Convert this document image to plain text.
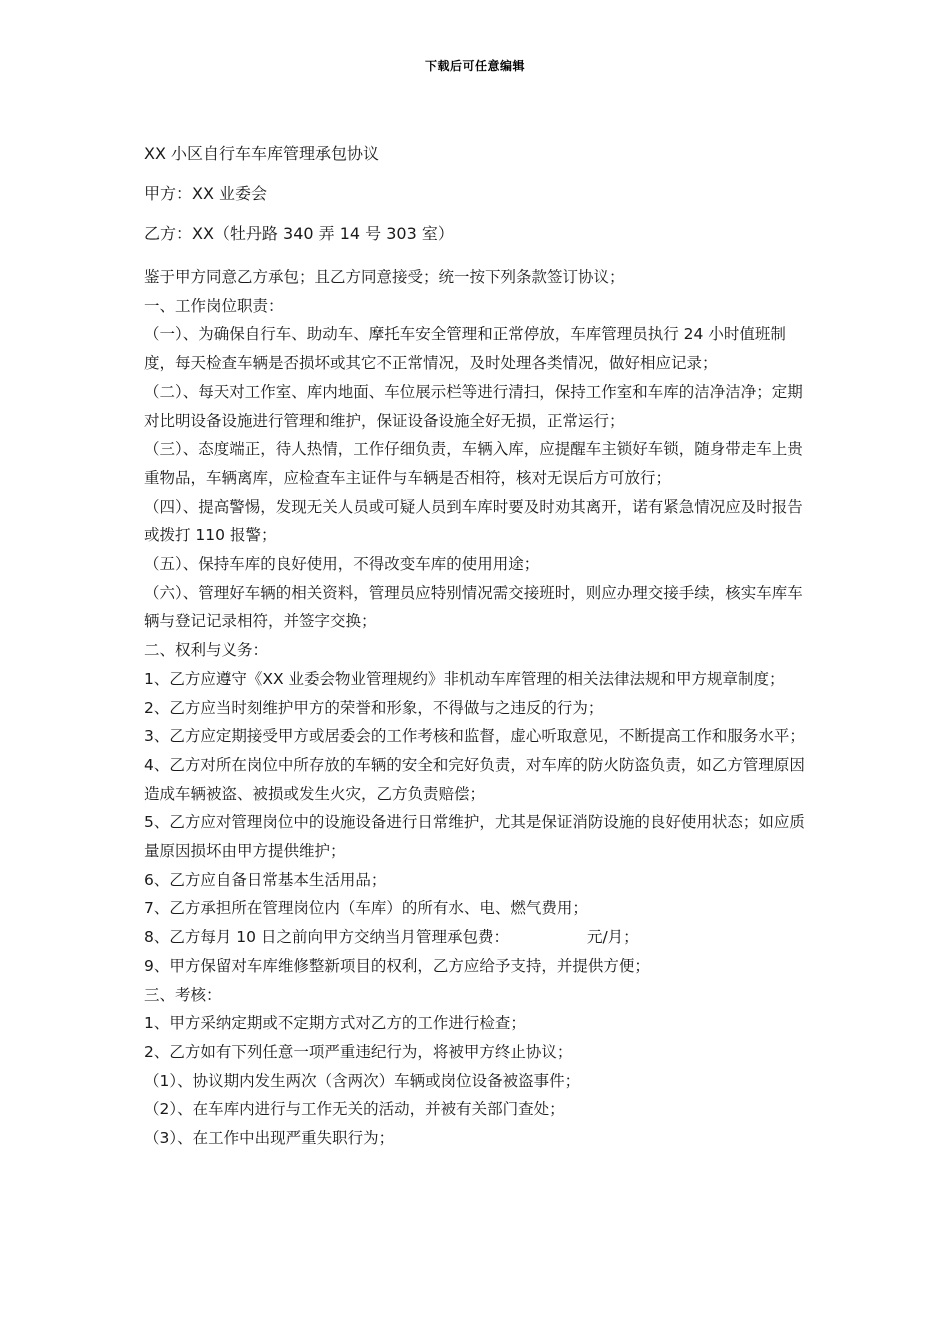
下载后可任意编辑
XX 小区自行车车库管理承包协议
甲方：XX 业委会
乙方：XX（牡丹路 340 弄 14 号 303 室）

鉴于甲方同意乙方承包；且乙方同意接受；统一按下列条款签订协议；

一、工作岗位职责：

（一）、为确保自行车、助动车、摩托车安全管理和正常停放，车库管理员执行 24 小时值班制度，每天检查车辆是否损坏或其它不正常情况，及时处理各类情况，做好相应记录；

（二）、每天对工作室、库内地面、车位展示栏等进行清扫，保持工作室和车库的洁净洁净；定期对比明设备设施进行管理和维护，保证设备设施全好无损，正常运行；

（三）、态度端正，待人热情，工作仔细负责，车辆入库，应提醒车主锁好车锁，随身带走车上贵重物品，车辆离库，应检查车主证件与车辆是否相符，核对无误后方可放行；

（四）、提高警惕，发现无关人员或可疑人员到车库时要及时劝其离开，诺有紧急情况应及时报告或拨打 110 报警；

（五）、保持车库的良好使用，不得改变车库的使用用途；

（六）、管理好车辆的相关资料，管理员应特别情况需交接班时，则应办理交接手续，核实车库车辆与登记记录相符，并签字交换；

二、权利与义务：

1、乙方应遵守《XX 业委会物业管理规约》非机动车库管理的相关法律法规和甲方规章制度；

2、乙方应当时刻维护甲方的荣誉和形象，不得做与之违反的行为；

3、乙方应定期接受甲方或居委会的工作考核和监督，虚心听取意见，不断提高工作和服务水平；

4、乙方对所在岗位中所存放的车辆的安全和完好负责，对车库的防火防盗负责，如乙方管理原因造成车辆被盗、被损或发生火灾，乙方负责赔偿；

5、乙方应对管理岗位中的设施设备进行日常维护，尤其是保证消防设施的良好使用状态；如应质量原因损坏由甲方提供维护；

6、乙方应自备日常基本生活用品；

7、乙方承担所在管理岗位内（车库）的所有水、电、燃气费用；

8、乙方每月 10 日之前向甲方交纳当月管理承包费：	元/月；

9、甲方保留对车库维修整新项目的权利，乙方应给予支持，并提供方便；

三、考核：

1、甲方采纳定期或不定期方式对乙方的工作进行检查；

2、乙方如有下列任意一项严重违纪行为，将被甲方终止协议；

（1）、协议期内发生两次（含两次）车辆或岗位设备被盗事件；

（2）、在车库内进行与工作无关的活动，并被有关部门查处；

（3）、在工作中出现严重失职行为；
